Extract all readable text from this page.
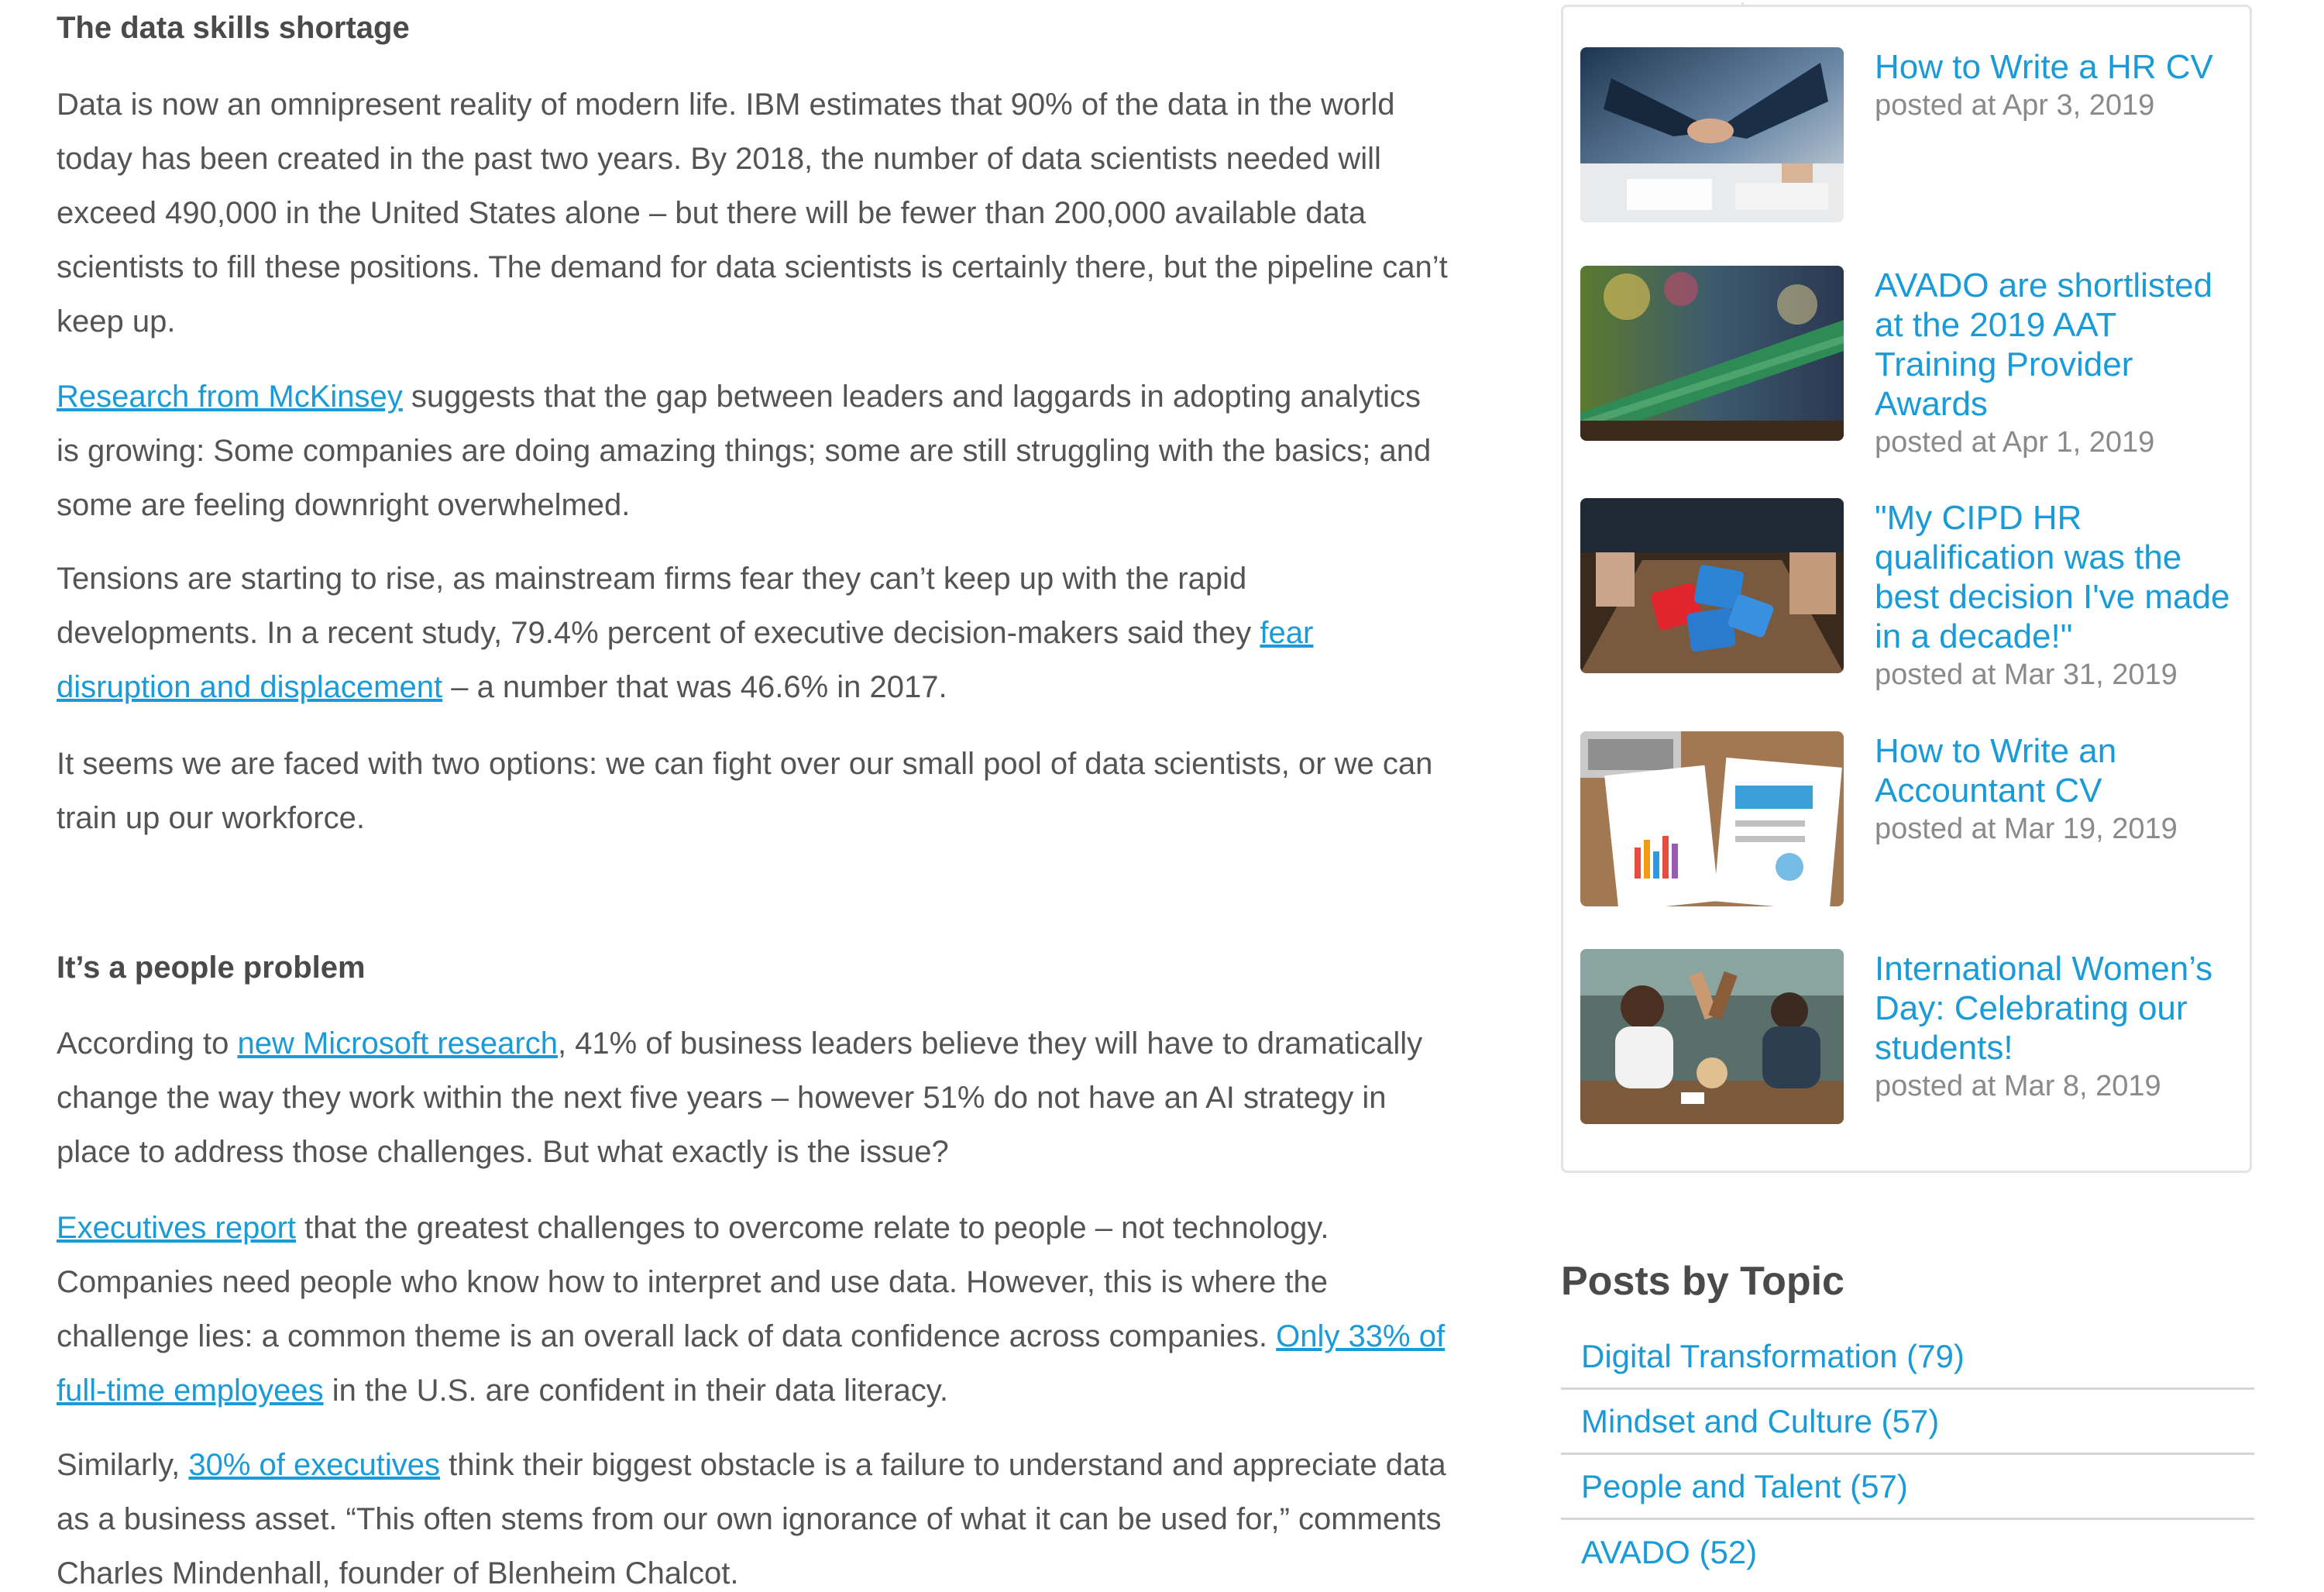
The data skills shortage

Data is now an omnipresent reality of modern life. IBM estimates that 90% of the data in the world today has been created in the past two years. By 2018, the number of data scientists needed will exceed 490,000 in the United States alone – but there will be fewer than 200,000 available data scientists to fill these positions. The demand for data scientists is certainly there, but the pipeline can’t keep up.

Research from McKinsey suggests that the gap between leaders and laggards in adopting analytics is growing: Some companies are doing amazing things; some are still struggling with the basics; and some are feeling downright overwhelmed.

Tensions are starting to rise, as mainstream firms fear they can’t keep up with the rapid developments. In a recent study, 79.4% percent of executive decision-makers said they fear disruption and displacement – a number that was 46.6% in 2017.

It seems we are faced with two options: we can fight over our small pool of data scientists, or we can train up our workforce.

It’s a people problem

According to new Microsoft research, 41% of business leaders believe they will have to dramatically change the way they work within the next five years – however 51% do not have an AI strategy in place to address those challenges. But what exactly is the issue?

Executives report that the greatest challenges to overcome relate to people – not technology. Companies need people who know how to interpret and use data. However, this is where the challenge lies: a common theme is an overall lack of data confidence across companies. Only 33% of full-time employees in the U.S. are confident in their data literacy.

Similarly, 30% of executives think their biggest obstacle is a failure to understand and appreciate data as a business asset. “This often stems from our own ignorance of what it can be used for,” comments Charles Mindenhall, founder of Blenheim Chalcot.

How to Write a HR CV
posted at Apr 3, 2019
AVADO are shortlisted at the 2019 AAT Training Provider Awards
posted at Apr 1, 2019
"My CIPD HR qualification was the best decision I've made in a decade!"
posted at Mar 31, 2019
How to Write an Accountant CV
posted at Mar 19, 2019
International Women’s Day: Celebrating our students!
posted at Mar 8, 2019
Posts by Topic
Digital Transformation (79)
Mindset and Culture (57)
People and Talent (57)
AVADO (52)
